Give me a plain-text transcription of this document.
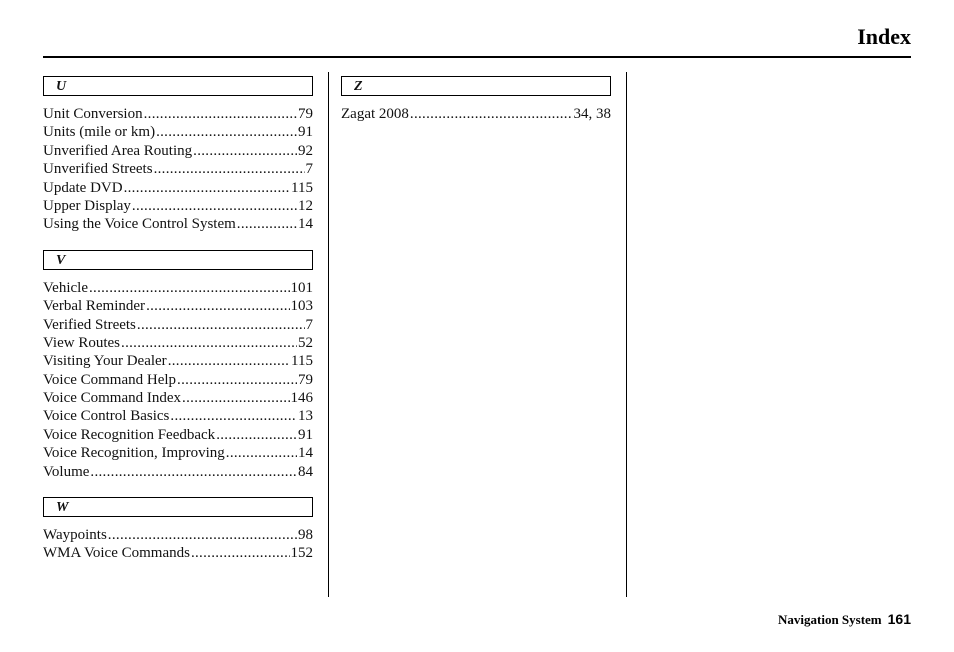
Index
U
Unit Conversion .....	79
Units (mile or km) .....	91
Unverified Area Routing .....	92
Unverified Streets .....	7
Update DVD .....	115
Upper Display .....	12
Using the Voice Control System .....	14
V
Vehicle .....	101
Verbal Reminder .....	103
Verified Streets .....	7
View Routes .....	52
Visiting Your Dealer .....	115
Voice Command Help .....	79
Voice Command Index .....	146
Voice Control Basics .....	13
Voice Recognition Feedback .....	91
Voice Recognition, Improving .....	14
Volume .....	84
W
Waypoints .....	98
WMA Voice Commands .....	152
Z
Zagat 2008 .....	34, 38
Navigation System 161
